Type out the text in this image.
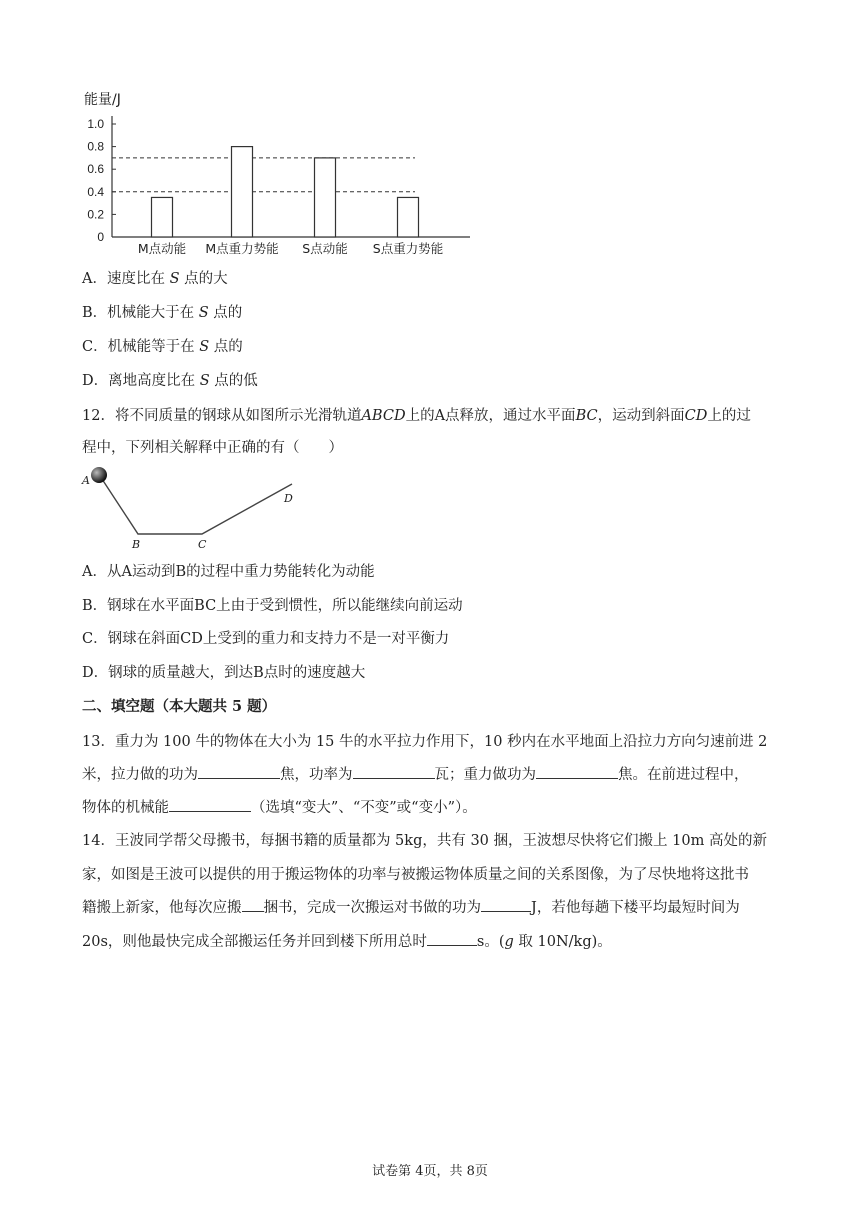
能量/J
0
0.2
0.4
0.6
0.8
1.0
M点动能 M点重力势能 S点动能 S点重力势能
A．速度比在 S 点的大
B．机械能大于在 S 点的
C．机械能等于在 S 点的
D．离地高度比在 S 点的低
12．将不同质量的钢球从如图所示光滑轨道ABCD上的A点释放，通过水平面BC，运动到斜面CD上的过
程中，下列相关解释中正确的有（　　）
A
B	C
D
A．从A运动到B的过程中重力势能转化为动能
B．钢球在水平面BC上由于受到惯性，所以能继续向前运动
C．钢球在斜面CD上受到的重力和支持力不是一对平衡力
D．钢球的质量越大，到达B点时的速度越大
二、填空题（本大题共 5 题）
13．重力为 100 牛的物体在大小为 15 牛的水平拉力作用下，10 秒内在水平地面上沿拉力方向匀速前进 2
米，拉力做的功为	焦，功率为	瓦；重力做功为	焦。在前进过程中，
物体的机械能	（选填“变大”、“不变”或“变小”）。
14．王波同学帮父母搬书，每捆书籍的质量都为 5kg，共有 30 捆，王波想尽快将它们搬上 10m 高处的新
家，如图是王波可以提供的用于搬运物体的功率与被搬运物体质量之间的关系图像，为了尽快地将这批书
籍搬上新家，他每次应搬 捆书，完成一次搬运对书做的功为	J，若他每趟下楼平均最短时间为
20s，则他最快完成全部搬运任务并回到楼下所用总时	s。(g 取 10N/kg)。
试卷第 4页，共 8页
